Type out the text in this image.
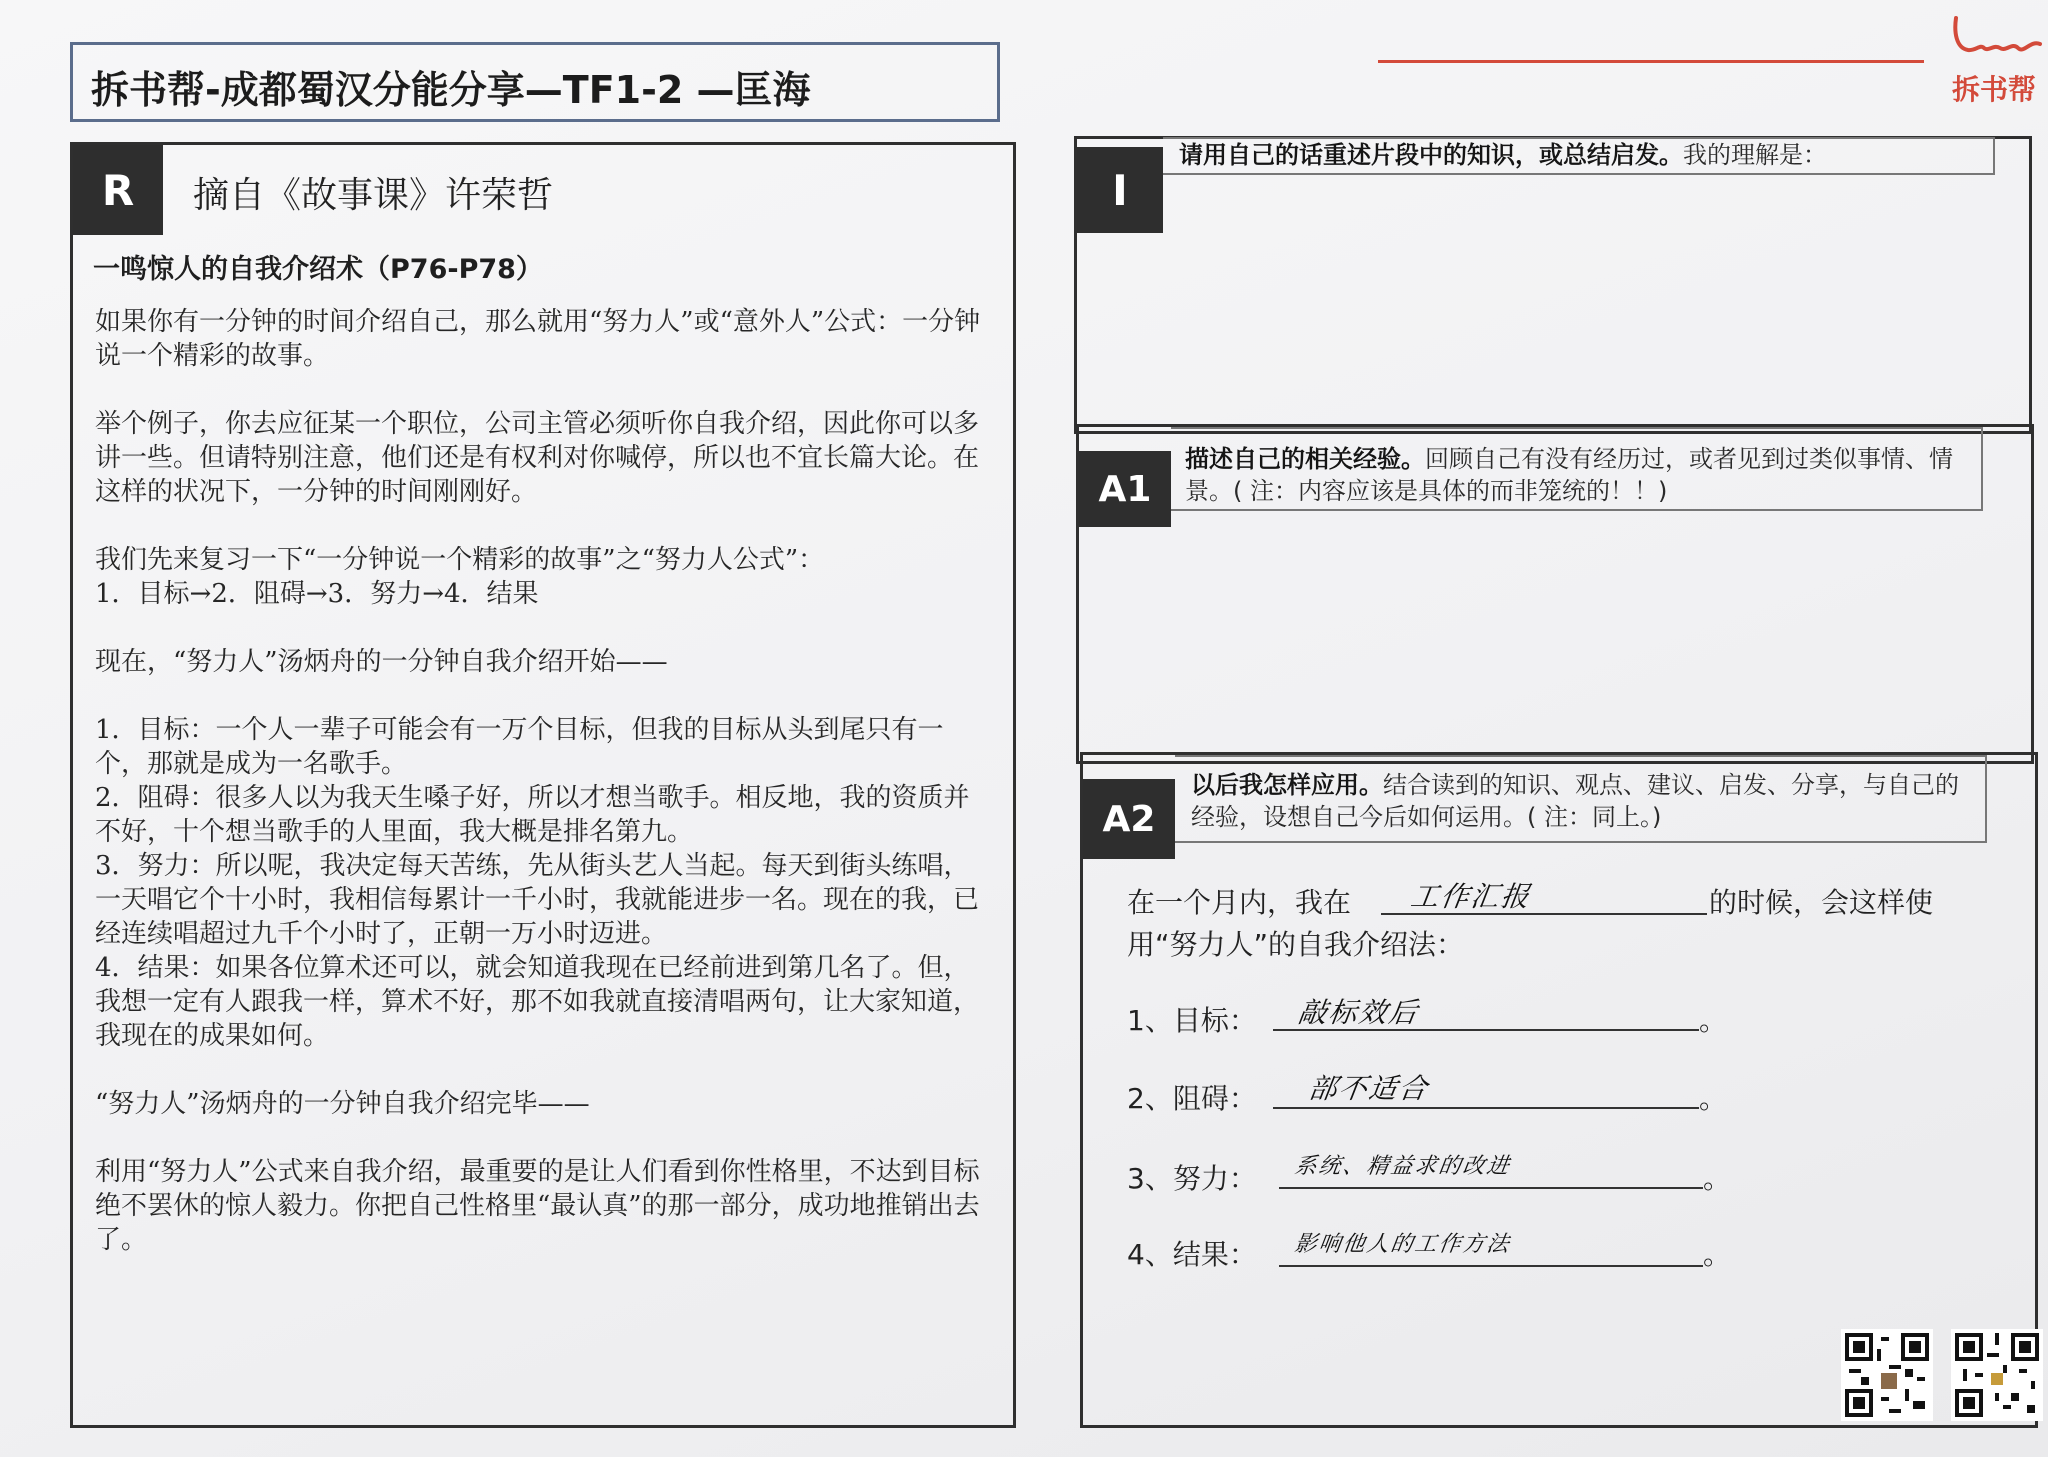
拆书帮-成都蜀汉分能分享—TF1-2 —匡海	拆书帮
R	摘自《故事课》许荣哲
一鸣惊人的自我介绍术（P76-P78）

如果你有一分钟的时间介绍自己，那么就用“努力人”或“意外人”公式：一分钟说一个精彩的故事。

举个例子，你去应征某一个职位，公司主管必须听你自我介绍，因此你可以多讲一些。但请特别注意，他们还是有权利对你喊停，所以也不宜长篇大论。在这样的状况下，一分钟的时间刚刚好。

我们先来复习一下“一分钟说一个精彩的故事”之“努力人公式”：

1．目标→2．阻碍→3．努力→4．结果

现在，“努力人”汤炳舟的一分钟自我介绍开始——

1．目标：一个人一辈子可能会有一万个目标，但我的目标从头到尾只有一个，那就是成为一名歌手。

2．阻碍：很多人以为我天生嗓子好，所以才想当歌手。相反地，我的资质并不好，十个想当歌手的人里面，我大概是排名第九。

3．努力：所以呢，我决定每天苦练，先从街头艺人当起。每天到街头练唱，一天唱它个十小时，我相信每累计一千小时，我就能进步一名。现在的我，已经连续唱超过九千个小时了，正朝一万小时迈进。

4．结果：如果各位算术还可以，就会知道我现在已经前进到第几名了。但，我想一定有人跟我一样，算术不好，那不如我就直接清唱两句，让大家知道，我现在的成果如何。

“努力人”汤炳舟的一分钟自我介绍完毕——

利用“努力人”公式来自我介绍，最重要的是让人们看到你性格里，不达到目标绝不罢休的惊人毅力。你把自己性格里“最认真”的那一部分，成功地推销出去了。

I
请用自己的话重述片段中的知识，或总结启发。我的理解是：
A1
描述自己的相关经验。回顾自己有没有经历过，或者见到过类似事情、情景。( 注：内容应该是具体的而非笼统的！！)
A2
以后我怎样应用。结合读到的知识、观点、建议、启发、分享，与自己的经验，设想自己今后如何运用。( 注：同上。)
在一个月内，我在 工作汇报	的时候，会这样使
用“努力人”的自我介绍法：
1、目标： 敲标效后	。
2、阻碍： 部不适合	。
3、努力： 系统、精益求的改进	。
4、结果： 影响他人的工作方法	。
